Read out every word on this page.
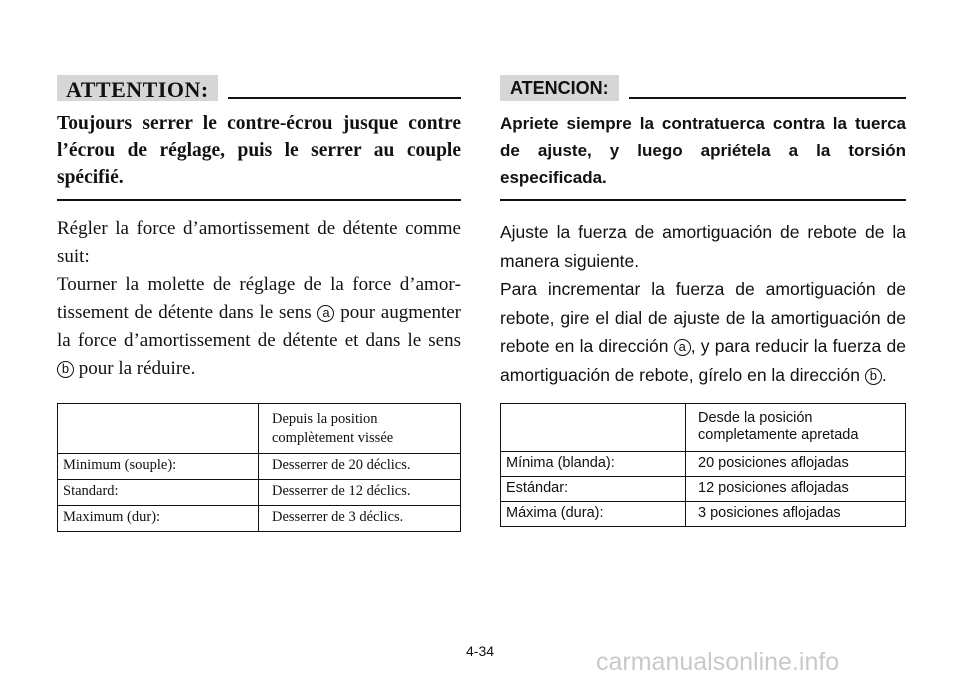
ATTENTION:
Toujours serrer le contre-écrou jusque contre l’écrou de réglage, puis le serrer au couple spécifié.

Régler la force d’amortissement de détente comme suit:

Tourner la molette de réglage de la force d’amortissement de détente dans le sens a pour augmenter la force d’amortissement de détente et dans le sens b pour la réduire.

	Depuis la position complètement vissée
Minimum (souple):	Desserrer de 20 déclics.
Standard:	Desserrer de 12 déclics.
Maximum (dur):	Desserrer de 3 déclics.
ATENCION:
Apriete siempre la contratuerca contra la tuerca de ajuste, y luego apriétela a la torsión especificada.

Ajuste la fuerza de amortiguación de rebote de la manera siguiente.

Para incrementar la fuerza de amortiguación de rebote, gire el dial de ajuste de la amortiguación de rebote en la dirección a , y para reducir la fuerza de amortiguación de rebote, gírelo en la dirección b .

	Desde la posición completamente apretada
Mínima (blanda):	20 posiciones aflojadas
Estándar:	12 posiciones aflojadas
Máxima (dura):	3 posiciones aflojadas
4-34	carmanualsonline.info
